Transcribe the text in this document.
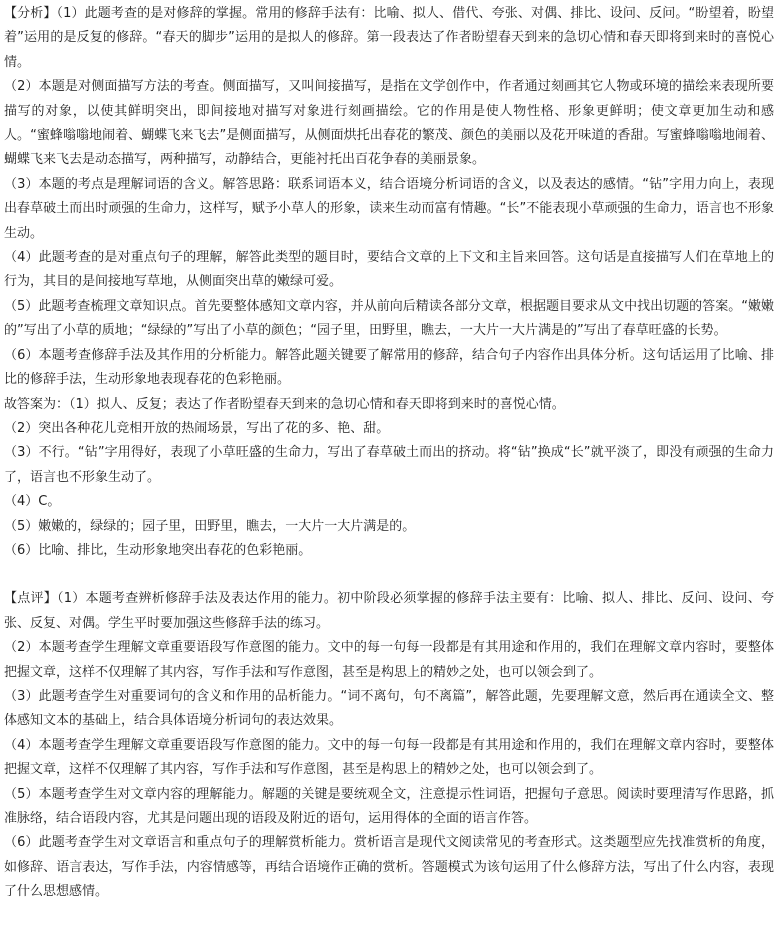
【分析】（1）此题考查的是对修辞的掌握。常用的修辞手法有：比喻、拟人、借代、夸张、对偶、排比、设问、反问。“盼望着，盼望着”运用的是反复的修辞。“春天的脚步”运用的是拟人的修辞。第一段表达了作者盼望春天到来的急切心情和春天即将到来时的喜悦心情。

（2）本题是对侧面描写方法的考查。侧面描写，又叫间接描写，是指在文学创作中，作者通过刻画其它人物或环境的描绘来表现所要描写的对象，以使其鲜明突出，即间接地对描写对象进行刻画描绘。它的作用是使人物性格、形象更鲜明；使文章更加生动和感人。“蜜蜂嗡嗡地闹着、蝴蝶飞来飞去”是侧面描写，从侧面烘托出春花的繁茂、颜色的美丽以及花开味道的香甜。写蜜蜂嗡嗡地闹着、蝴蝶飞来飞去是动态描写，两种描写，动静结合，更能衬托出百花争春的美丽景象。

（3）本题的考点是理解词语的含义。解答思路：联系词语本义，结合语境分析词语的含义，以及表达的感情。“钻”字用力向上，表现出春草破土而出时顽强的生命力，这样写，赋予小草人的形象，读来生动而富有情趣。“长”不能表现小草顽强的生命力，语言也不形象生动。

（4）此题考查的是对重点句子的理解，解答此类型的题目时，要结合文章的上下文和主旨来回答。这句话是直接描写人们在草地上的行为，其目的是间接地写草地，从侧面突出草的嫩绿可爱。

（5）此题考查梳理文章知识点。首先要整体感知文章内容，并从前向后精读各部分文章，根据题目要求从文中找出切题的答案。“嫩嫩的”写出了小草的质地；“绿绿的”写出了小草的颜色；“园子里，田野里，瞧去，一大片一大片满是的”写出了春草旺盛的长势。

（6）本题考查修辞手法及其作用的分析能力。解答此题关键要了解常用的修辞，结合句子内容作出具体分析。这句话运用了比喻、排比的修辞手法，生动形象地表现春花的色彩艳丽。

故答案为：（1）拟人、反复；表达了作者盼望春天到来的急切心情和春天即将到来时的喜悦心情。

（2）突出各种花儿竞相开放的热闹场景，写出了花的多、艳、甜。

（3）不行。“钻”字用得好，表现了小草旺盛的生命力，写出了春草破土而出的挤动。将“钻”换成“长”就平淡了，即没有顽强的生命力了，语言也不形象生动了。

（4）C。

（5）嫩嫩的，绿绿的；园子里，田野里，瞧去，一大片一大片满是的。

（6）比喻、排比，生动形象地突出春花的色彩艳丽。

【点评】（1）本题考查辨析修辞手法及表达作用的能力。初中阶段必须掌握的修辞手法主要有：比喻、拟人、排比、反问、设问、夸张、反复、对偶。学生平时要加强这些修辞手法的练习。

（2）本题考查学生理解文章重要语段写作意图的能力。文中的每一句每一段都是有其用途和作用的，我们在理解文章内容时，要整体把握文章，这样不仅理解了其内容，写作手法和写作意图，甚至是构思上的精妙之处，也可以领会到了。

（3）此题考查学生对重要词句的含义和作用的品析能力。“词不离句，句不离篇”，解答此题，先要理解文意，然后再在通读全文、整体感知文本的基础上，结合具体语境分析词句的表达效果。

（4）本题考查学生理解文章重要语段写作意图的能力。文中的每一句每一段都是有其用途和作用的，我们在理解文章内容时，要整体把握文章，这样不仅理解了其内容，写作手法和写作意图，甚至是构思上的精妙之处，也可以领会到了。

（5）本题考查学生对文章内容的理解能力。解题的关键是要统观全文，注意提示性词语，把握句子意思。阅读时要理清写作思路，抓准脉络，结合语段内容，尤其是问题出现的语段及附近的语句，运用得体的全面的语言作答。

（6）此题考查学生对文章语言和重点句子的理解赏析能力。赏析语言是现代文阅读常见的考查形式。这类题型应先找准赏析的角度，如修辞、语言表达，写作手法，内容情感等，再结合语境作正确的赏析。答题模式为该句运用了什么修辞方法，写出了什么内容，表现了什么思想感情。
